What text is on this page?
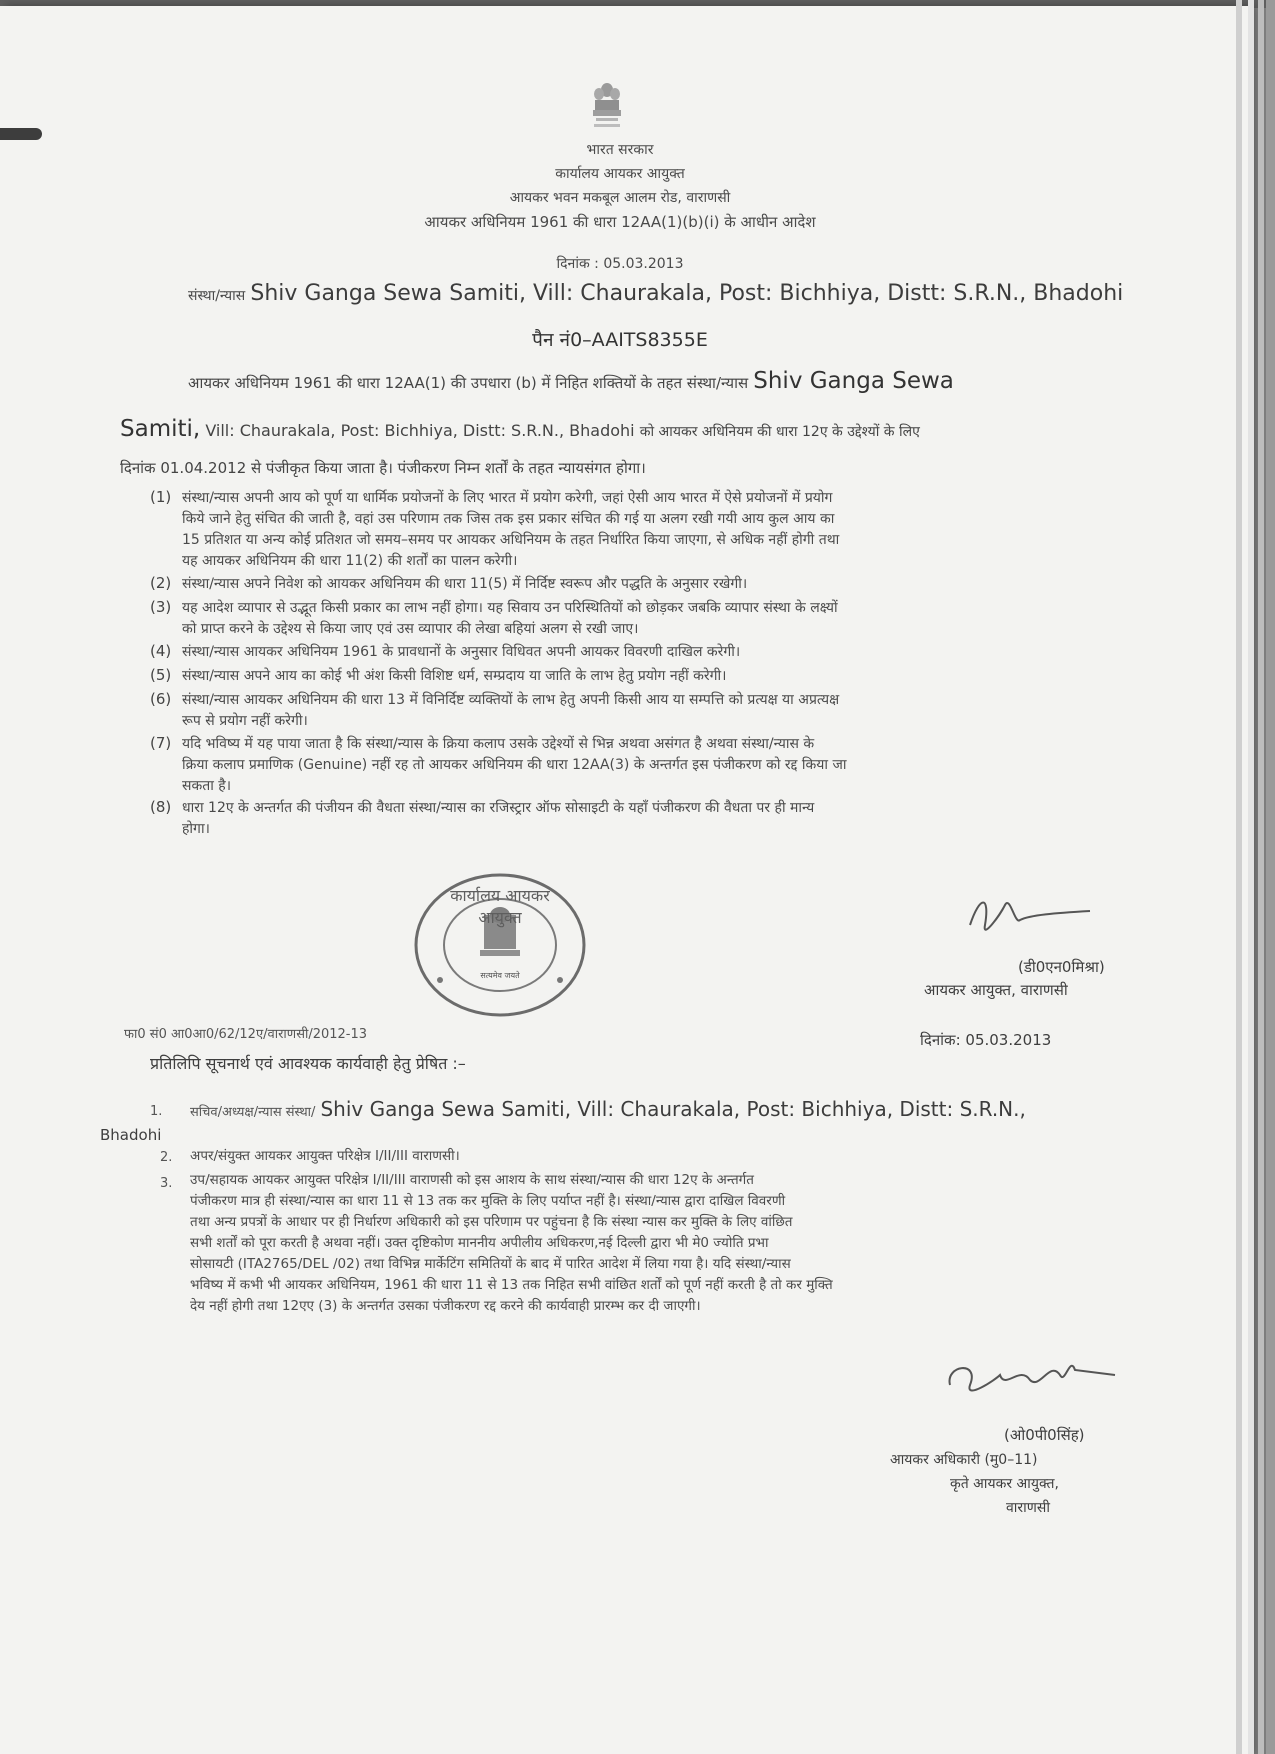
भारत सरकार
कार्यालय आयकर आयुक्त
आयकर भवन मकबूल आलम रोड, वाराणसी
आयकर अधिनियम 1961 की धारा 12AA(1)(b)(i) के आधीन आदेश
दिनांक : 05.03.2013
संस्था/न्यास Shiv Ganga Sewa Samiti, Vill: Chaurakala, Post: Bichhiya, Distt: S.R.N., Bhadohi
पैन नं0–AAITS8355E
आयकर अधिनियम 1961 की धारा 12AA(1) की उपधारा (b) में निहित शक्तियों के तहत संस्था/न्यास Shiv Ganga Sewa
Samiti, Vill: Chaurakala, Post: Bichhiya, Distt: S.R.N., Bhadohi को आयकर अधिनियम की धारा 12ए के उद्देश्यों के लिए
दिनांक 01.04.2012 से पंजीकृत किया जाता है। पंजीकरण निम्न शर्तों के तहत न्यायसंगत होगा।
(1) संस्था/न्यास अपनी आय को पूर्ण या धार्मिक प्रयोजनों के लिए भारत में प्रयोग करेगी, जहां ऐसी आय भारत में ऐसे प्रयोजनों में प्रयोग
किये जाने हेतु संचित की जाती है, वहां उस परिणाम तक जिस तक इस प्रकार संचित की गई या अलग रखी गयी आय कुल आय का
15 प्रतिशत या अन्य कोई प्रतिशत जो समय–समय पर आयकर अधिनियम के तहत निर्धारित किया जाएगा, से अधिक नहीं होगी तथा
यह आयकर अधिनियम की धारा 11(2) की शर्तों का पालन करेगी।
(2) संस्था/न्यास अपने निवेश को आयकर अधिनियम की धारा 11(5) में निर्दिष्ट स्वरूप और पद्धति के अनुसार रखेगी।
(3) यह आदेश व्यापार से उद्भूत किसी प्रकार का लाभ नहीं होगा। यह सिवाय उन परिस्थितियों को छोड़कर जबकि व्यापार संस्था के लक्ष्यों
को प्राप्त करने के उद्देश्य से किया जाए एवं उस व्यापार की लेखा बहियां अलग से रखी जाए।
(4) संस्था/न्यास आयकर अधिनियम 1961 के प्रावधानों के अनुसार विधिवत अपनी आयकर विवरणी दाखिल करेगी।
(5) संस्था/न्यास अपने आय का कोई भी अंश किसी विशिष्ट धर्म, सम्प्रदाय या जाति के लाभ हेतु प्रयोग नहीं करेगी।
(6) संस्था/न्यास आयकर अधिनियम की धारा 13 में विनिर्दिष्ट व्यक्तियों के लाभ हेतु अपनी किसी आय या सम्पत्ति को प्रत्यक्ष या अप्रत्यक्ष
रूप से प्रयोग नहीं करेगी।
(7) यदि भविष्य में यह पाया जाता है कि संस्था/न्यास के क्रिया कलाप उसके उद्देश्यों से भिन्न अथवा असंगत है अथवा संस्था/न्यास के
क्रिया कलाप प्रमाणिक (Genuine) नहीं रह तो आयकर अधिनियम की धारा 12AA(3) के अन्तर्गत इस पंजीकरण को रद्द किया जा
सकता है।
(8) धारा 12ए के अन्तर्गत की पंजीयन की वैधता संस्था/न्यास का रजिस्ट्रार ऑफ सोसाइटी के यहाँ पंजीकरण की वैधता पर ही मान्य
होगा।
कार्यालय आयकर आयुक्त
सत्यमेव जयते	(डी0एन0मिश्रा)
आयकर आयुक्त, वाराणसी
फा0 सं0 आ0आ0/62/12ए/वाराणसी/2012-13	दिनांक: 05.03.2013
प्रतिलिपि सूचनार्थ एवं आवश्यक कार्यवाही हेतु प्रेषित :–
1. सचिव/अध्यक्ष/न्यास संस्था/ Shiv Ganga Sewa Samiti, Vill: Chaurakala, Post: Bichhiya, Distt: S.R.N.,
Bhadohi
2. अपर/संयुक्त आयकर आयुक्त परिक्षेत्र I/II/III वाराणसी।
3. उप/सहायक आयकर आयुक्त परिक्षेत्र I/II/III वाराणसी को इस आशय के साथ संस्था/न्यास की धारा 12ए के अन्तर्गत
पंजीकरण मात्र ही संस्था/न्यास का धारा 11 से 13 तक कर मुक्ति के लिए पर्याप्त नहीं है। संस्था/न्यास द्वारा दाखिल विवरणी
तथा अन्य प्रपत्रों के आधार पर ही निर्धारण अधिकारी को इस परिणाम पर पहुंचना है कि संस्था न्यास कर मुक्ति के लिए वांछित
सभी शर्तों को पूरा करती है अथवा नहीं। उक्त दृष्टिकोण माननीय अपीलीय अधिकरण,नई दिल्ली द्वारा भी मे0 ज्योति प्रभा
सोसायटी (ITA2765/DEL /02) तथा विभिन्न मार्केटिंग समितियों के बाद में पारित आदेश में लिया गया है। यदि संस्था/न्यास
भविष्य में कभी भी आयकर अधिनियम, 1961 की धारा 11 से 13 तक निहित सभी वांछित शर्तों को पूर्ण नहीं करती है तो कर मुक्ति
देय नहीं होगी तथा 12एए (3) के अन्तर्गत उसका पंजीकरण रद्द करने की कार्यवाही प्रारम्भ कर दी जाएगी।
(ओ0पी0सिंह)
आयकर अधिकारी (मु0–11)
कृते आयकर आयुक्त,
वाराणसी
